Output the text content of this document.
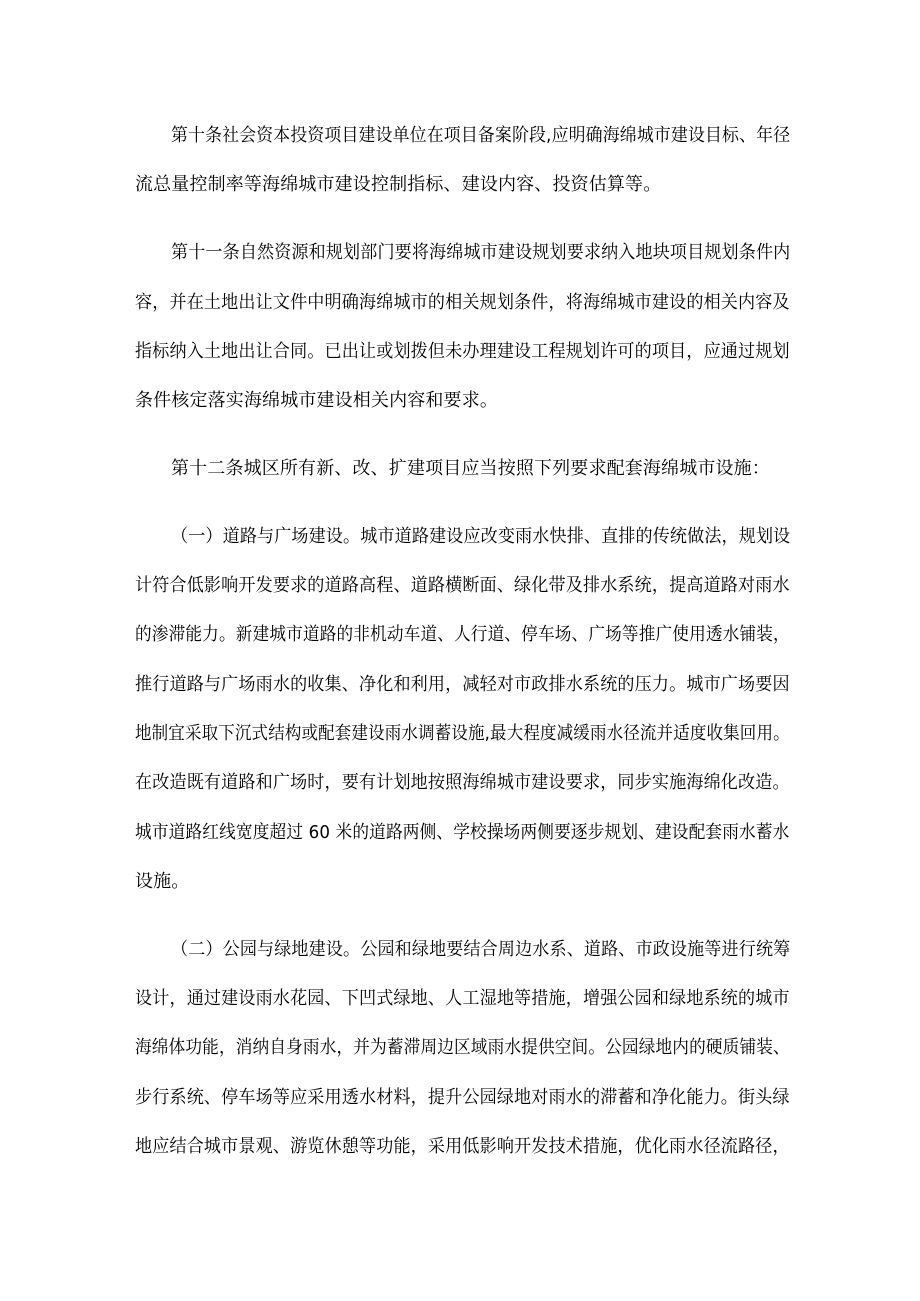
第十条社会资本投资项目建设单位在项目备案阶段,应明确海绵城市建设目标、年径

流总量控制率等海绵城市建设控制指标、建设内容、投资估算等。

第十一条自然资源和规划部门要将海绵城市建设规划要求纳入地块项目规划条件内

容，并在土地出让文件中明确海绵城市的相关规划条件，将海绵城市建设的相关内容及

指标纳入土地出让合同。已出让或划拨但未办理建设工程规划许可的项目，应通过规划

条件核定落实海绵城市建设相关内容和要求。

第十二条城区所有新、改、扩建项目应当按照下列要求配套海绵城市设施：

（一）道路与广场建设。城市道路建设应改变雨水快排、直排的传统做法，规划设

计符合低影响开发要求的道路高程、道路横断面、绿化带及排水系统，提高道路对雨水

的渗滞能力。新建城市道路的非机动车道、人行道、停车场、广场等推广使用透水铺装，

推行道路与广场雨水的收集、净化和利用，减轻对市政排水系统的压力。城市广场要因

地制宜采取下沉式结构或配套建设雨水调蓄设施,最大程度减缓雨水径流并适度收集回用。

在改造既有道路和广场时，要有计划地按照海绵城市建设要求，同步实施海绵化改造。

城市道路红线宽度超过 60 米的道路两侧、学校操场两侧要逐步规划、建设配套雨水蓄水

设施。

（二）公园与绿地建设。公园和绿地要结合周边水系、道路、市政设施等进行统筹

设计，通过建设雨水花园、下凹式绿地、人工湿地等措施，增强公园和绿地系统的城市

海绵体功能，消纳自身雨水，并为蓄滞周边区域雨水提供空间。公园绿地内的硬质铺装、

步行系统、停车场等应采用透水材料，提升公园绿地对雨水的滞蓄和净化能力。街头绿

地应结合城市景观、游览休憩等功能，采用低影响开发技术措施，优化雨水径流路径，
